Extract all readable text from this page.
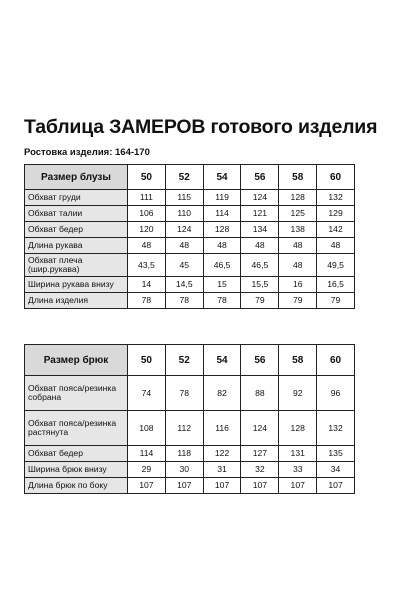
Таблица ЗАМЕРОВ готового изделия
Ростовка изделия: 164-170
Размер блузы	50	52	54	56	58	60
Обхват груди	111	115	119	124	128	132
Обхват талии	106	110	114	121	125	129
Обхват бедер	120	124	128	134	138	142
Длина рукава	48	48	48	48	48	48
Обхват плеча (шир.рукава)	43,5	45	46,5	46,5	48	49,5
Ширина рукава внизу	14	14,5	15	15,5	16	16,5
Длина изделия	78	78	78	79	79	79
Размер брюк	50	52	54	56	58	60
Обхват пояса/резинка собрана	74	78	82	88	92	96
Обхват пояса/резинка растянута	108	112	116	124	128	132
Обхват бедер	114	118	122	127	131	135
Ширина брюк внизу	29	30	31	32	33	34
Длина брюк по боку	107	107	107	107	107	107
